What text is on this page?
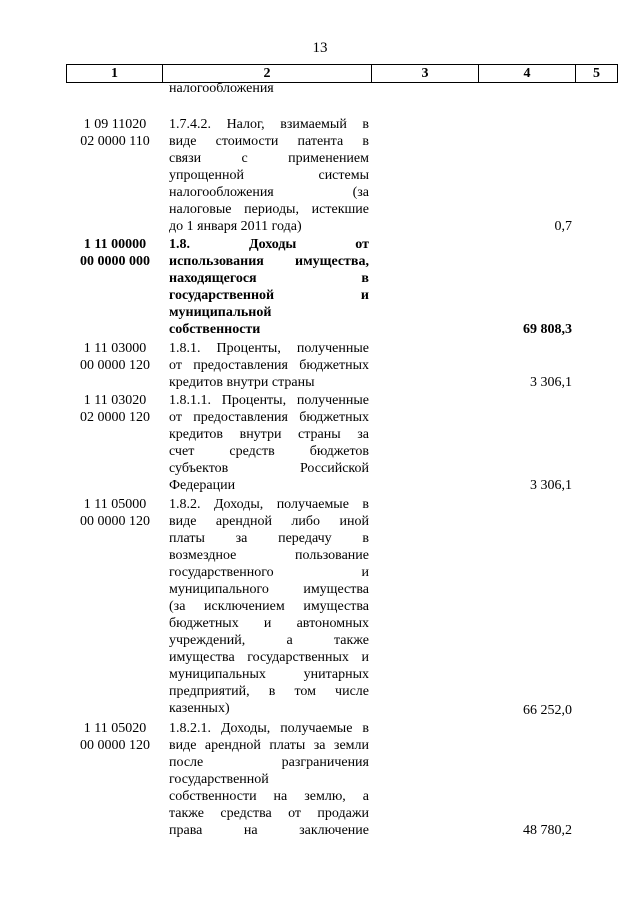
13
1	2	3	4	5
налогообложения
1 09 11020
02 0000 110
1.7.4.2. Налог, взимаемый в
виде стоимости патента в
связи с применением
упрощенной системы
налогообложения (за
налоговые периоды, истекшие
до 1 января 2011 года)	0,7
1 11 00000
00 0000 000
1.8. Доходы от
использования имущества,
находящегося в
государственной и
муниципальной
собственности	69 808,3
1 11 03000
00 0000 120
1.8.1. Проценты, полученные
от предоставления бюджетных
кредитов внутри страны	3 306,1
1 11 03020
02 0000 120
1.8.1.1. Проценты, полученные
от предоставления бюджетных
кредитов внутри страны за
счет средств бюджетов
субъектов Российской
Федерации	3 306,1
1 11 05000
00 0000 120
1.8.2. Доходы, получаемые в
виде арендной либо иной
платы за передачу в
возмездное пользование
государственного и
муниципального имущества
(за исключением имущества
бюджетных и автономных
учреждений, а также
имущества государственных и
муниципальных унитарных
предприятий, в том числе
казенных)	66 252,0
1 11 05020
00 0000 120
1.8.2.1. Доходы, получаемые в
виде арендной платы за земли
после разграничения
государственной
собственности на землю, а
также средства от продажи
права на заключение	48 780,2
